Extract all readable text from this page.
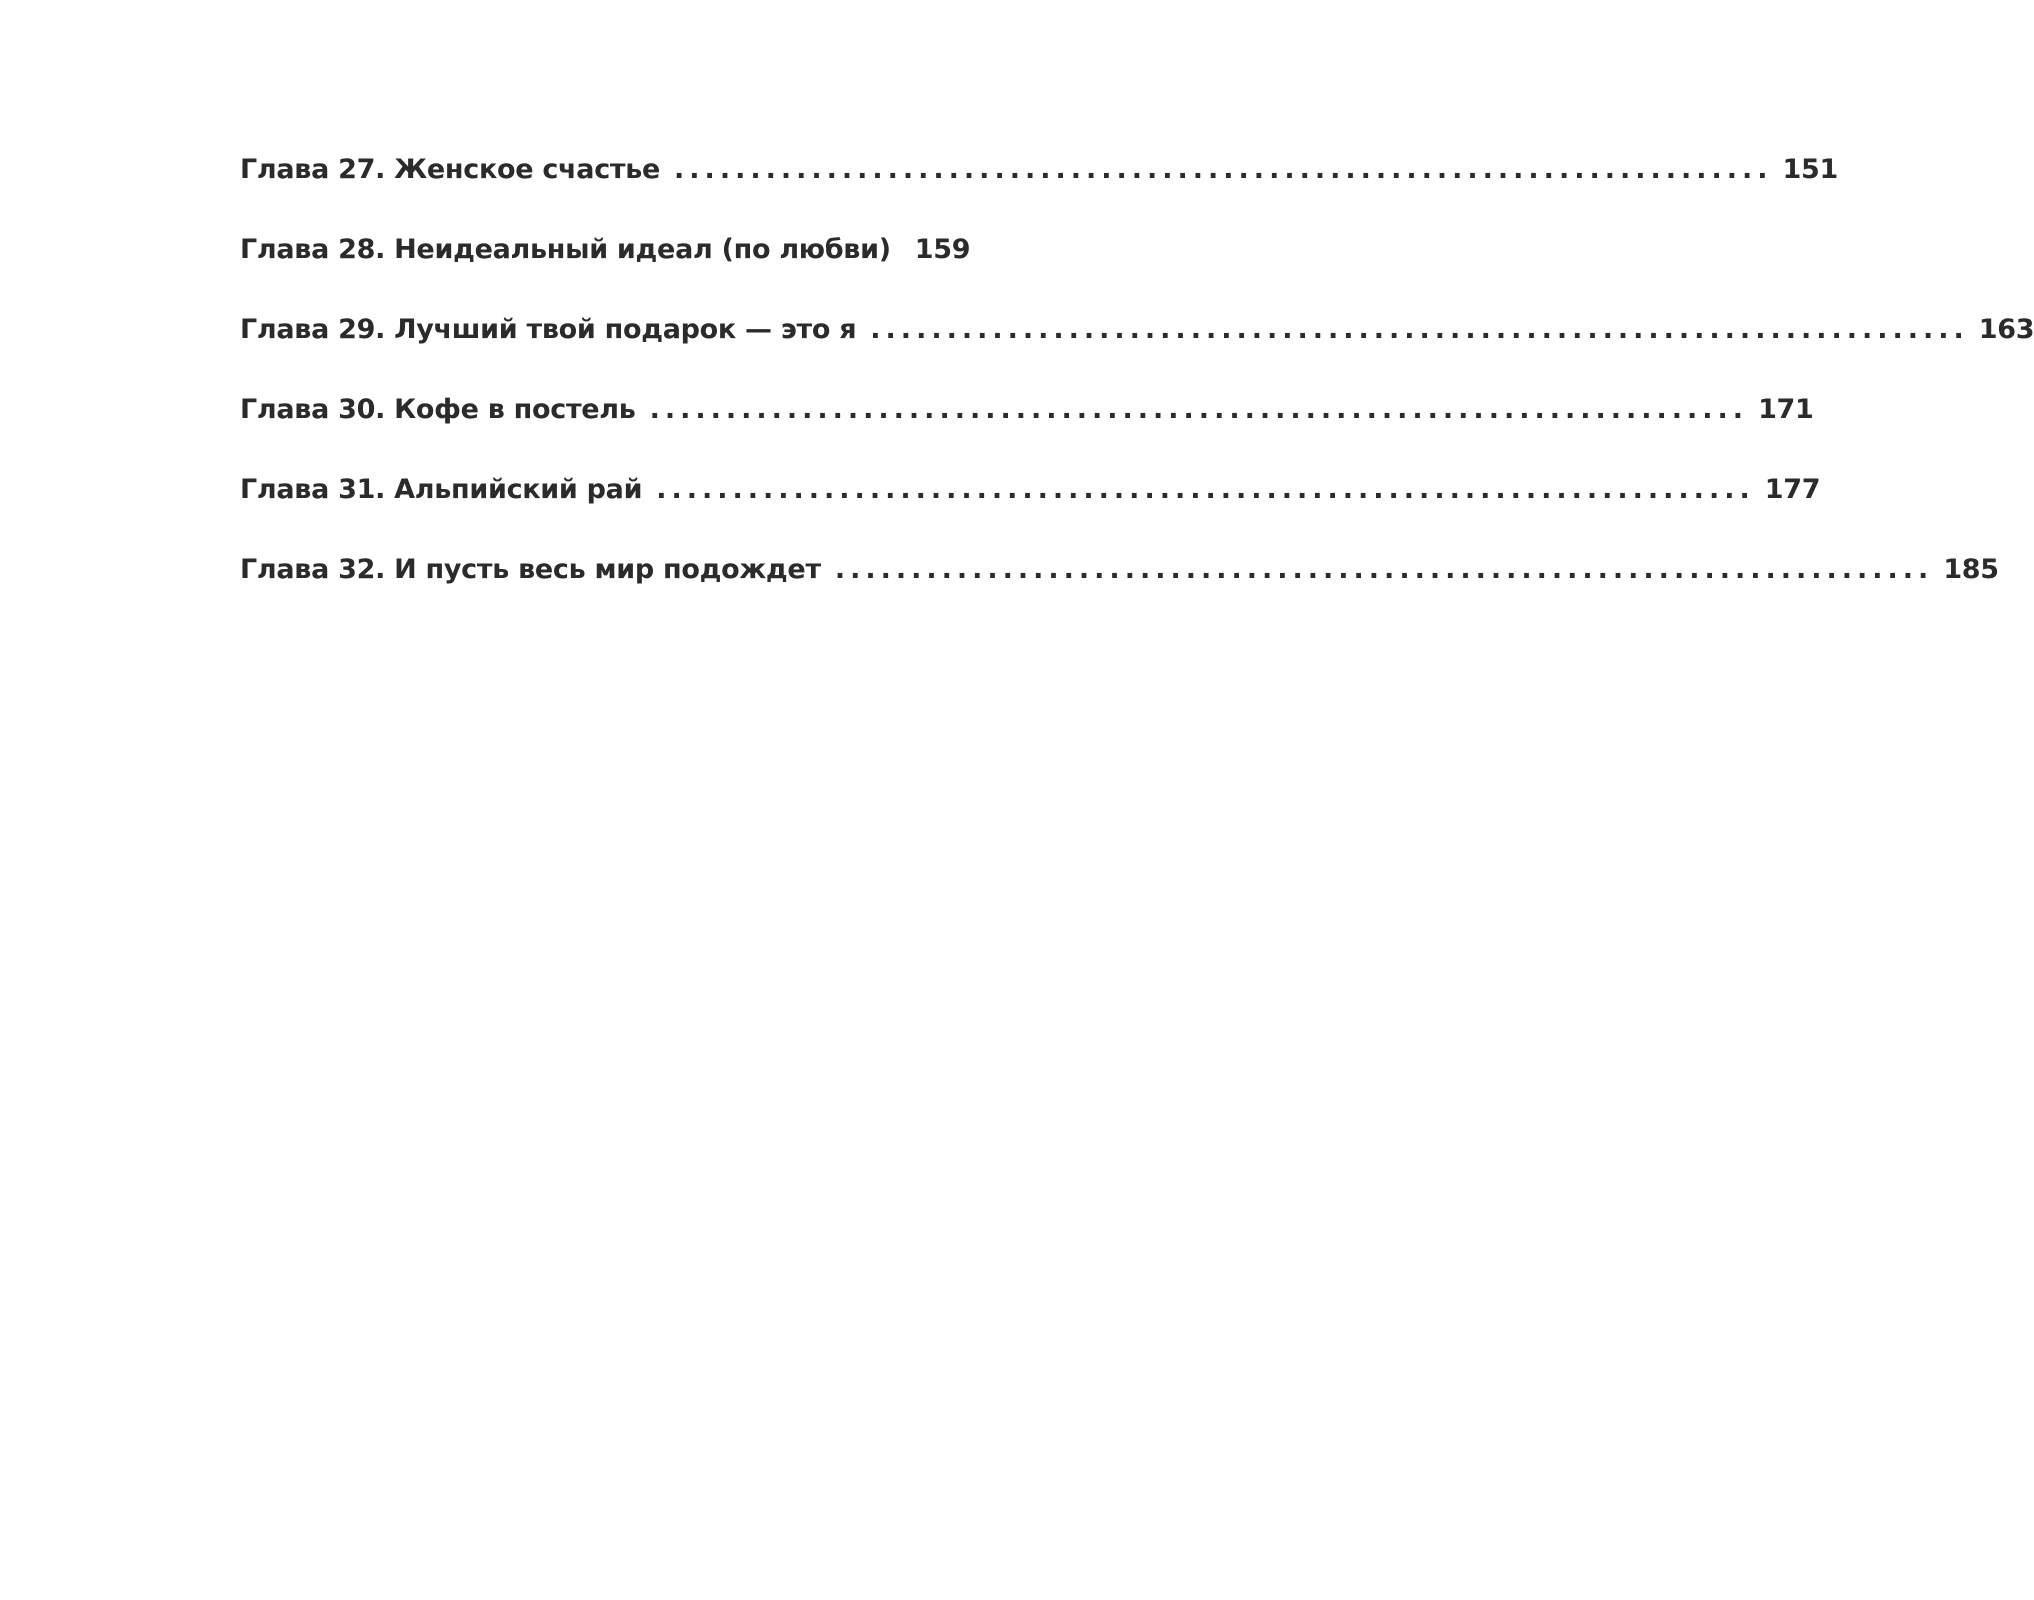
Глава 27. Женское счастье ........................................................................ 151
Глава 28. Неидеальный идеал (по любви) 159
Глава 29. Лучший твой подарок — это я ........................................................................ 163
Глава 30. Кофе в постель ........................................................................ 171
Глава 31. Альпийский рай ........................................................................ 177
Глава 32. И пусть весь мир подождет ........................................................................ 185
